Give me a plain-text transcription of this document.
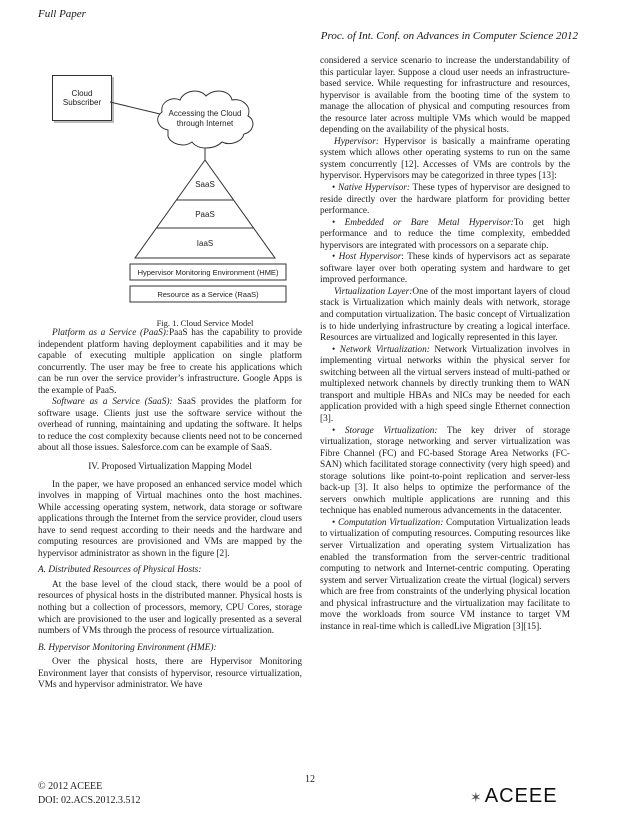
Full Paper
Proc. of Int. Conf. on Advances in Computer Science 2012
Cloud
Subscriber
Accessing the Cloud
through Internet
SaaS
PaaS
IaaS
Hypervisor Monitoring Environment (HME)
Resource as a Service (RaaS)
Fig. 1. Cloud Service Model

Platform as a Service (PaaS):PaaS has the capability to provide independent platform having deployment capabilities and it may be capable of executing multiple application on single platform concurrently. The user may be free to create his applications which can be run over the service provider’s infrastructure. Google Apps is the example of PaaS.

Software as a Service (SaaS): SaaS provides the platform for software usage. Clients just use the software service without the overhead of running, maintaining and updating the software. It helps to reduce the cost complexity because clients need not to be concerned about all those issues. Salesforce.com can be example of SaaS.

IV. Proposed Virtualization Mapping Model

In the paper, we have proposed an enhanced service model which involves in mapping of Virtual machines onto the host machines. While accessing operating system, network, data storage or software applications through the Internet from the service provider, cloud users have to send request according to their needs and the hardware and computing resources are provisioned and VMs are mapped by the hypervisor administrator as shown in the figure [2].

A. Distributed Resources of Physical Hosts:

At the base level of the cloud stack, there would be a pool of resources of physical hosts in the distributed manner. Physical hosts is nothing but a collection of processors, memory, CPU Cores, storage which are provisioned to the user and logically presented as a several numbers of VMs through the process of resource virtualization.

B. Hypervisor Monitoring Environment (HME):

Over the physical hosts, there are Hypervisor Monitoring Environment layer that consists of hypervisor, resource virtualization, VMs and hypervisor administrator. We have

considered a service scenario to increase the understandability of this particular layer. Suppose a cloud user needs an infrastructure-based service. While requesting for infrastructure and resources, hypervisor is available from the booting time of the system to manage the allocation of physical and computing resources from the resource later across multiple VMs which would be mapped depending on the availability of the physical hosts.

Hypervisor: Hypervisor is basically a mainframe operating system which allows other operating systems to run on the same system concurrently [12]. Accesses of VMs are controls by the hypervisor. Hypervisors may be categorized in three types [13]:

• Native Hypervisor: These types of hypervisor are designed to reside directly over the hardware platform for providing better performance.

• Embedded or Bare Metal Hypervisor:To get high performance and to reduce the time complexity, embedded hypervisors are integrated with processors on a separate chip.

• Host Hypervisor: These kinds of hypervisors act as separate software layer over both operating system and hardware to get improved performance.

Virtualization Layer:One of the most important layers of cloud stack is Virtualization which mainly deals with network, storage and computation virtualization. The basic concept of Virtualization is to hide underlying infrastructure by creating a logical interface. Resources are virtualized and logically represented in this layer.

• Network Virtualization: Network Virtualization involves in implementing virtual networks within the physical server for switching between all the virtual servers instead of multi-pathed or multiplexed network channels by directly trunking them to WAN transport and multiple HBAs and NICs may be needed for each application provided with a high speed single Ethernet connection [3].

• Storage Virtualization: The key driver of storage virtualization, storage networking and server virtualization was Fibre Channel (FC) and FC-based Storage Area Networks (FC-SAN) which facilitated storage connectivity (very high speed) and storage solutions like point-to-point replication and server-less back-up [3]. It also helps to optimize the performance of the servers onwhich multiple applications are running and this technique has enabled numerous advancements in the datacenter.

• Computation Virtualization: Computation Virtualization leads to virtualization of computing resources. Computing resources like server Virtualization and operating system Virtualization has enabled the transformation from the server-centric traditional computing to network and Internet-centric computing. Operating system and server Virtualization create the virtual (logical) servers which are free from constraints of the underlying physical location and physical infrastructure and the virtualization may facilitate to move the workloads from source VM instance to target VM instance in real-time which is calledLive Migration [3][15].

© 2012 ACEEE
DOI: 02.ACS.2012.3.512
12
✶ ACEEE
